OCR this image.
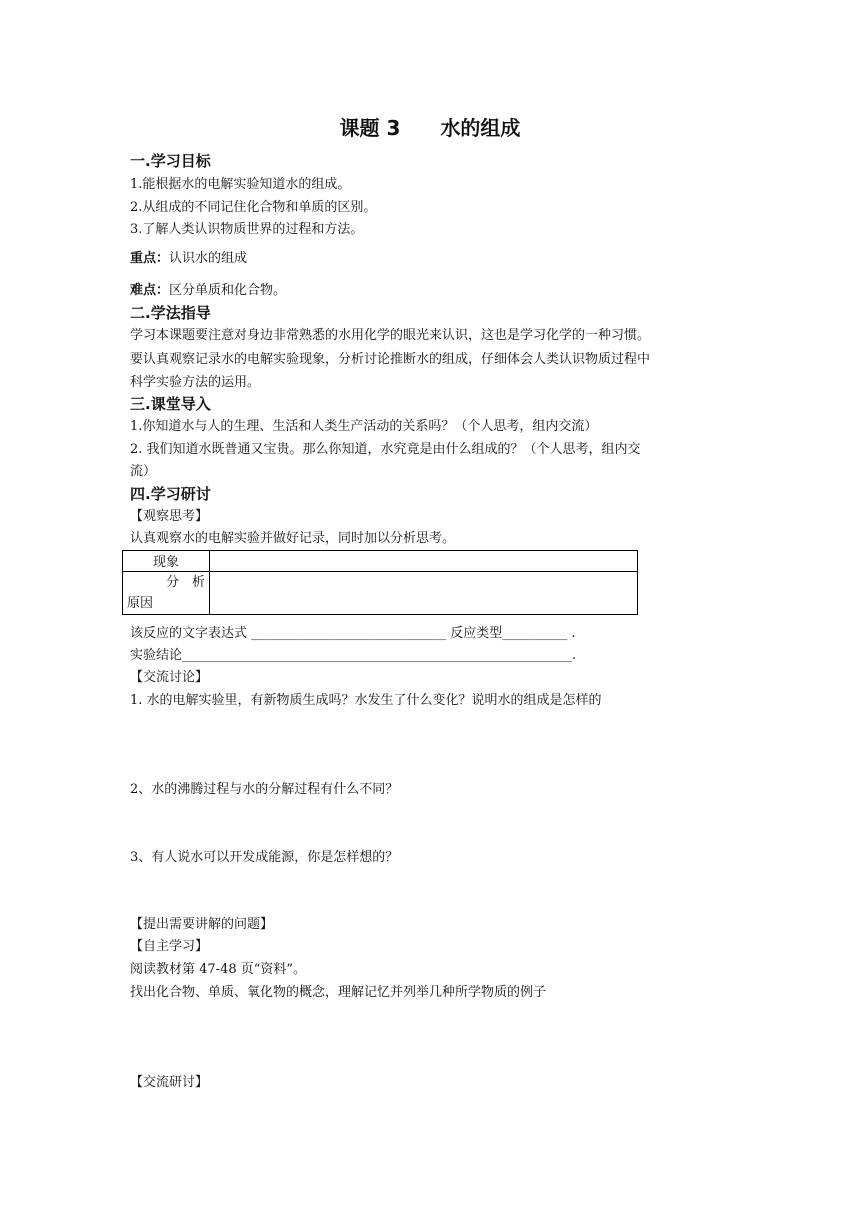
课题 3 水的组成
一.学习目标
1.能根据水的电解实验知道水的组成。
2.从组成的不同记住化合物和单质的区别。
3.了解人类认识物质世界的过程和方法。
重点：认识水的组成
难点：区分单质和化合物。
二.学法指导
学习本课题要注意对身边非常熟悉的水用化学的眼光来认识，这也是学习化学的一种习惯。
要认真观察记录水的电解实验现象，分析讨论推断水的组成，仔细体会人类认识物质过程中
科学实验方法的运用。
三.课堂导入
1.你知道水与人的生理、生活和人类生产活动的关系吗？（个人思考，组内交流）
2. 我们知道水既普通又宝贵。那么你知道，水究竟是由什么组成的？（个人思考，组内交
流）
四.学习研讨
【观察思考】
认真观察水的电解实验并做好记录，同时加以分析思考。
现象	

分　析
原因	

该反应的文字表达式 ______________________________ 反应类型__________ .
实验结论____________________________________________________________.
【交流讨论】
1. 水的电解实验里，有新物质生成吗？水发生了什么变化？说明水的组成是怎样的
2、水的沸腾过程与水的分解过程有什么不同？
3、有人说水可以开发成能源，你是怎样想的？
【提出需要讲解的问题】
【自主学习】
阅读教材第 47-48 页“资料”。
找出化合物、单质、氧化物的概念，理解记忆并列举几种所学物质的例子
【交流研讨】
